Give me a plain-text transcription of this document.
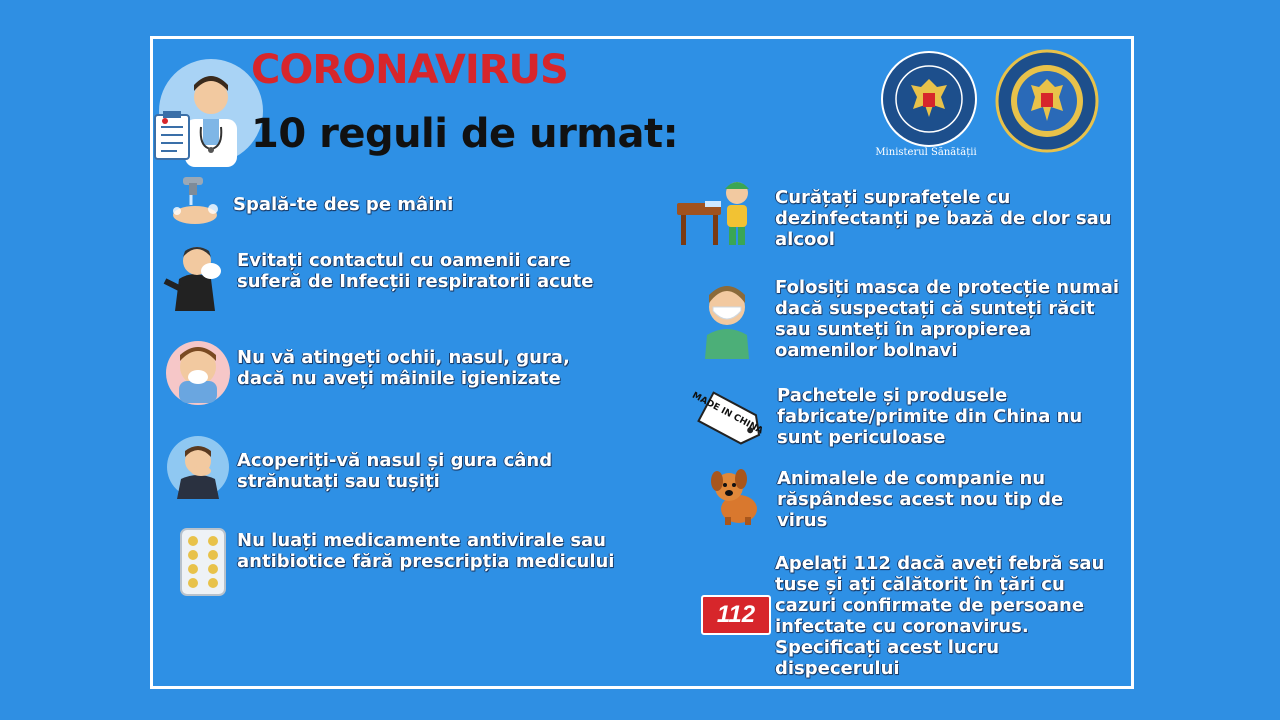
CORONAVIRUS
10 reguli de urmat:	Ministerul Sănătății

Spală-te des pe mâini

Evitați contactul cu oamenii care suferă de Infecții respiratorii acute

Nu vă atingeți ochii, nasul, gura, dacă nu aveți mâinile igienizate

Acoperiți-vă nasul și gura când strănutați sau tușiți

Nu luați medicamente antivirale sau antibiotice fără prescripția medicului

Curățați suprafețele cu dezinfectanți pe bază de clor sau alcool

Folosiți masca de protecție numai dacă suspectați că sunteți răcit sau sunteți în apropierea oamenilor bolnavi

MADE IN CHINA Pachetele și produsele fabricate/primite din China nu sunt periculoase

Animalele de companie nu răspândesc acest nou tip de virus

112

Apelați 112 dacă aveți febră sau tuse și ați călătorit în țări cu cazuri confirmate de persoane infectate cu coronavirus. Specificați acest lucru dispecerului
